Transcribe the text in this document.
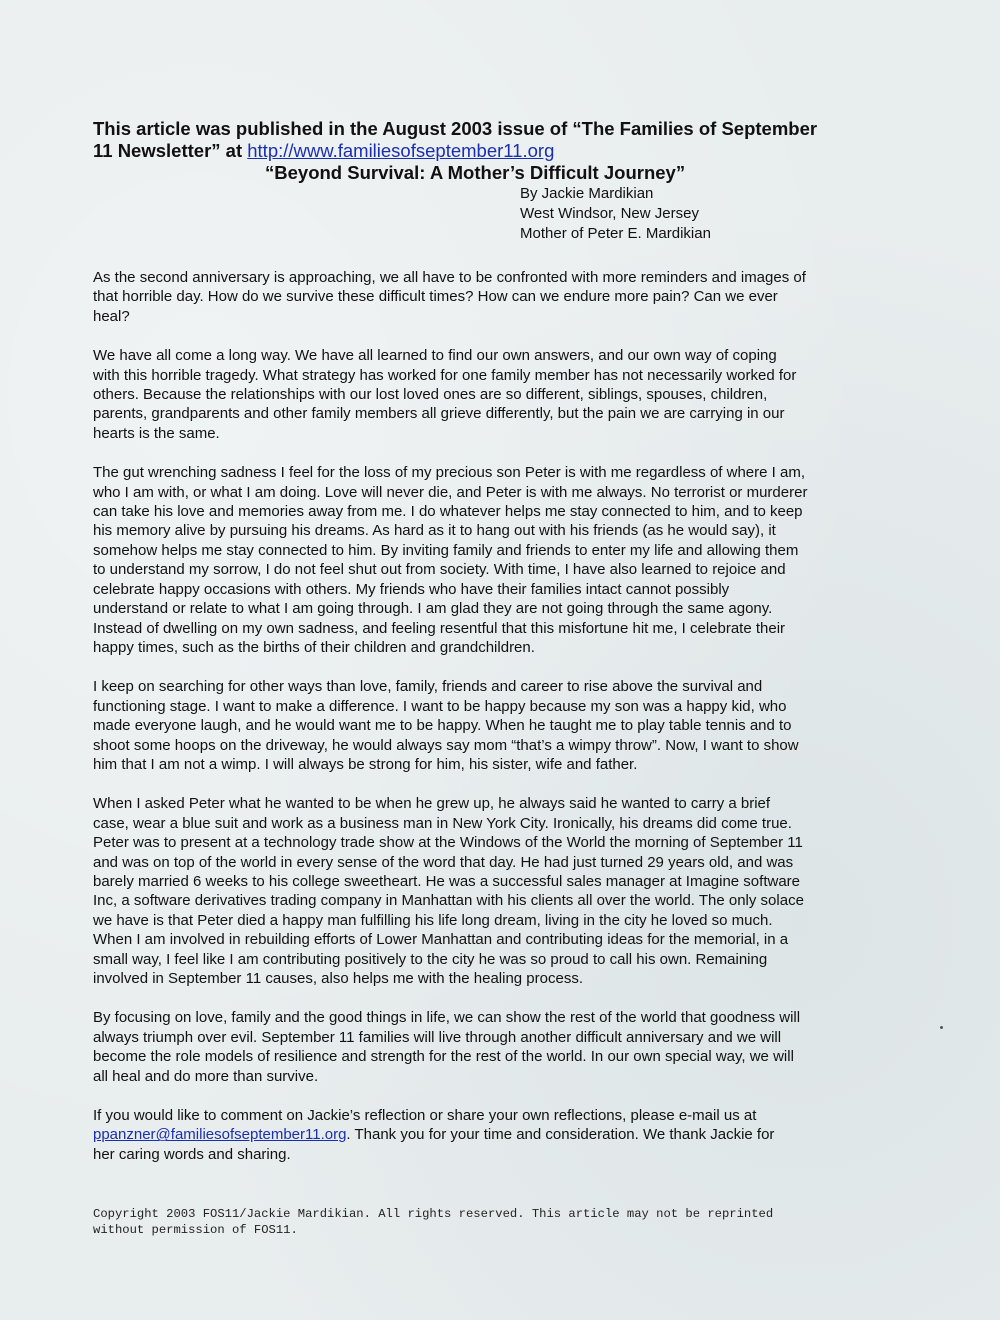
This article was published in the August 2003 issue of “The Families of September

11 Newsletter” at http://www.familiesofseptember11.org

“Beyond Survival: A Mother’s Difficult Journey”
By Jackie Mardikian
West Windsor, New Jersey
Mother of Peter E. Mardikian

As the second anniversary is approaching, we all have to be confronted with more reminders and images of
that horrible day. How do we survive these difficult times? How can we endure more pain? Can we ever
heal?

We have all come a long way. We have all learned to find our own answers, and our own way of coping
with this horrible tragedy. What strategy has worked for one family member has not necessarily worked for
others. Because the relationships with our lost loved ones are so different, siblings, spouses, children,
parents, grandparents and other family members all grieve differently, but the pain we are carrying in our
hearts is the same.

The gut wrenching sadness I feel for the loss of my precious son Peter is with me regardless of where I am,
who I am with, or what I am doing. Love will never die, and Peter is with me always. No terrorist or murderer
can take his love and memories away from me. I do whatever helps me stay connected to him, and to keep
his memory alive by pursuing his dreams. As hard as it to hang out with his friends (as he would say), it
somehow helps me stay connected to him. By inviting family and friends to enter my life and allowing them
to understand my sorrow, I do not feel shut out from society. With time, I have also learned to rejoice and
celebrate happy occasions with others. My friends who have their families intact cannot possibly
understand or relate to what I am going through. I am glad they are not going through the same agony.
Instead of dwelling on my own sadness, and feeling resentful that this misfortune hit me, I celebrate their
happy times, such as the births of their children and grandchildren.

I keep on searching for other ways than love, family, friends and career to rise above the survival and
functioning stage. I want to make a difference. I want to be happy because my son was a happy kid, who
made everyone laugh, and he would want me to be happy. When he taught me to play table tennis and to
shoot some hoops on the driveway, he would always say mom “that’s a wimpy throw”. Now, I want to show
him that I am not a wimp. I will always be strong for him, his sister, wife and father.

When I asked Peter what he wanted to be when he grew up, he always said he wanted to carry a brief
case, wear a blue suit and work as a business man in New York City. Ironically, his dreams did come true.
Peter was to present at a technology trade show at the Windows of the World the morning of September 11
and was on top of the world in every sense of the word that day. He had just turned 29 years old, and was
barely married 6 weeks to his college sweetheart. He was a successful sales manager at Imagine software
Inc, a software derivatives trading company in Manhattan with his clients all over the world. The only solace
we have is that Peter died a happy man fulfilling his life long dream, living in the city he loved so much.
When I am involved in rebuilding efforts of Lower Manhattan and contributing ideas for the memorial, in a
small way, I feel like I am contributing positively to the city he was so proud to call his own. Remaining
involved in September 11 causes, also helps me with the healing process.

By focusing on love, family and the good things in life, we can show the rest of the world that goodness will
always triumph over evil. September 11 families will live through another difficult anniversary and we will
become the role models of resilience and strength for the rest of the world. In our own special way, we will
all heal and do more than survive.

If you would like to comment on Jackie’s reflection or share your own reflections, please e-mail us at
ppanzner@familiesofseptember11.org. Thank you for your time and consideration. We thank Jackie for
her caring words and sharing.

Copyright 2003 FOS11/Jackie Mardikian. All rights reserved. This article may not be reprinted
without permission of FOS11.
